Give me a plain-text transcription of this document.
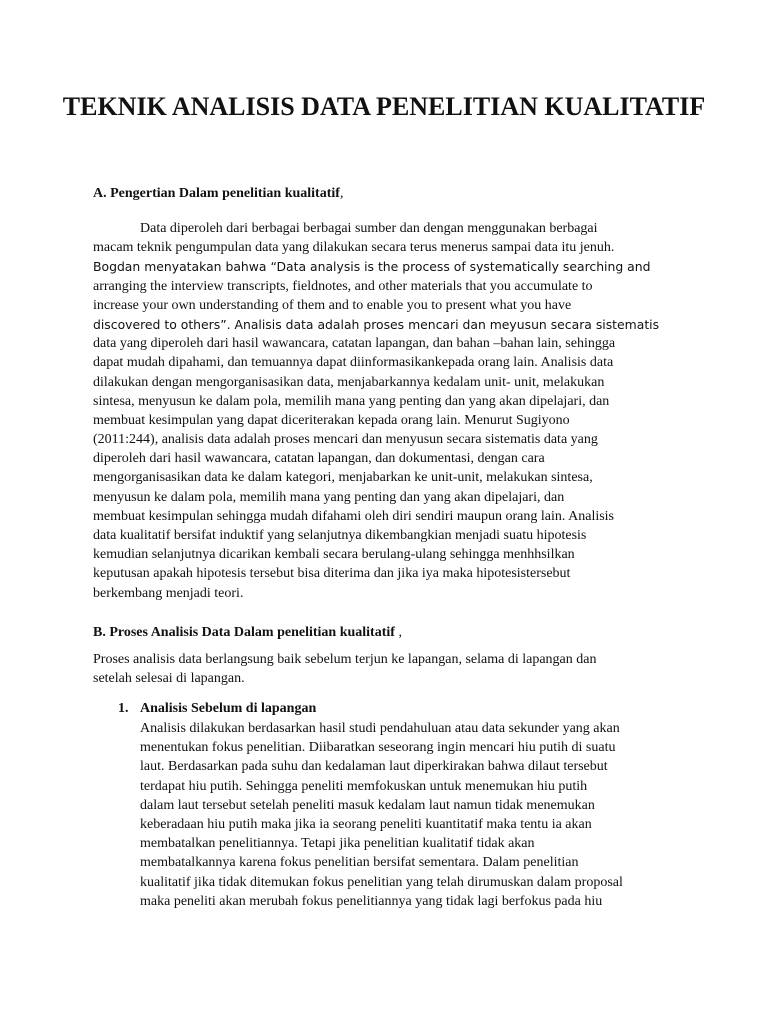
TEKNIK ANALISIS DATA PENELITIAN KUALITATIF

A. Pengertian Dalam penelitian kualitatif,

Data diperoleh dari berbagai berbagai sumber dan dengan menggunakan berbagai
macam teknik pengumpulan data yang dilakukan secara terus menerus sampai data itu jenuh.
Bogdan menyatakan bahwa “Data analysis is the process of systematically searching and
arranging the interview transcripts, fieldnotes, and other materials that you accumulate to
increase your own understanding of them and to enable you to present what you have
discovered to others”. Analisis data adalah proses mencari dan meyusun secara sistematis
data yang diperoleh dari hasil wawancara, catatan lapangan, dan bahan –bahan lain, sehingga
dapat mudah dipahami, dan temuannya dapat diinformasikankepada orang lain. Analisis data
dilakukan dengan mengorganisasikan data, menjabarkannya kedalam unit- unit, melakukan
sintesa, menyusun ke dalam pola, memilih mana yang penting dan yang akan dipelajari, dan
membuat kesimpulan yang dapat diceriterakan kepada orang lain. Menurut Sugiyono
(2011:244), analisis data adalah proses mencari dan menyusun secara sistematis data yang
diperoleh dari hasil wawancara, catatan lapangan, dan dokumentasi, dengan cara
mengorganisasikan data ke dalam kategori, menjabarkan ke unit-unit, melakukan sintesa,
menyusun ke dalam pola, memilih mana yang penting dan yang akan dipelajari, dan
membuat kesimpulan sehingga mudah difahami oleh diri sendiri maupun orang lain. Analisis
data kualitatif bersifat induktif yang selanjutnya dikembangkian menjadi suatu hipotesis
kemudian selanjutnya dicarikan kembali secara berulang-ulang sehingga menhhsilkan
keputusan apakah hipotesis tersebut bisa diterima dan jika iya maka hipotesistersebut
berkembang menjadi teori.

B. Proses Analisis Data Dalam penelitian kualitatif ,

Proses analisis data berlangsung baik sebelum terjun ke lapangan, selama di lapangan dan
setelah selesai di lapangan.
1. Analisis Sebelum di lapangan
Analisis dilakukan berdasarkan hasil studi pendahuluan atau data sekunder yang akan
menentukan fokus penelitian. Diibaratkan seseorang ingin mencari hiu putih di suatu
laut. Berdasarkan pada suhu dan kedalaman laut diperkirakan bahwa dilaut tersebut
terdapat hiu putih. Sehingga peneliti memfokuskan untuk menemukan hiu putih
dalam laut tersebut setelah peneliti masuk kedalam laut namun tidak menemukan
keberadaan hiu putih maka jika ia seorang peneliti kuantitatif maka tentu ia akan
membatalkan penelitiannya. Tetapi jika penelitian kualitatif tidak akan
membatalkannya karena fokus penelitian bersifat sementara. Dalam penelitian
kualitatif jika tidak ditemukan fokus penelitian yang telah dirumuskan dalam proposal
maka peneliti akan merubah fokus penelitiannya yang tidak lagi berfokus pada hiu
